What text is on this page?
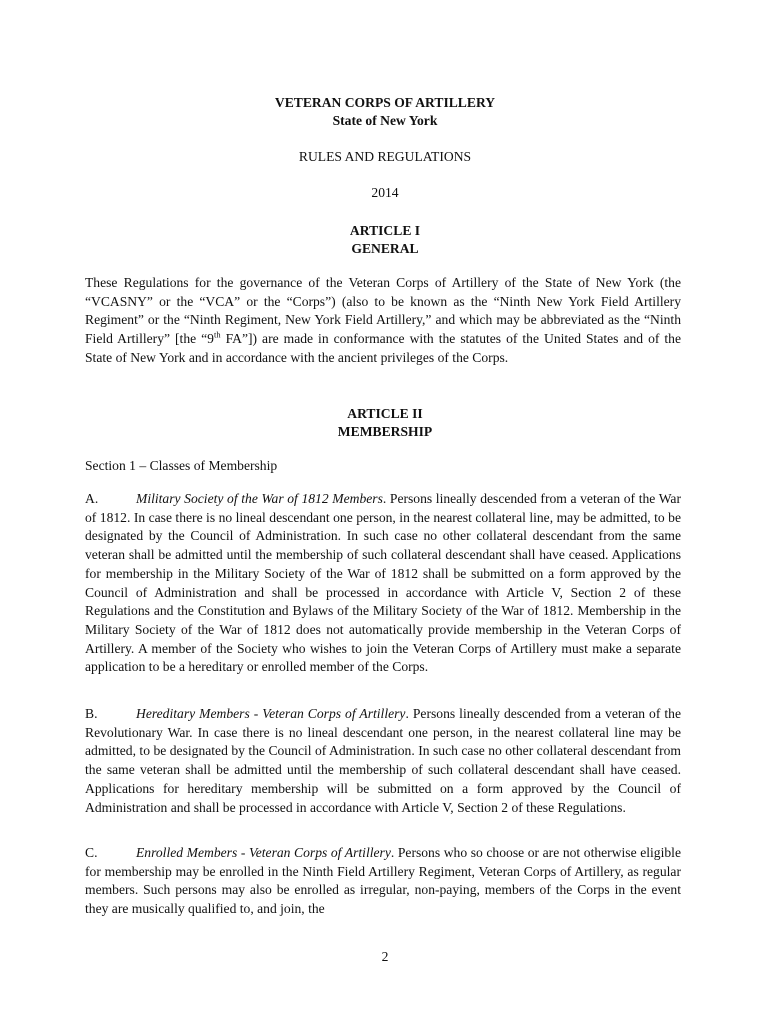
VETERAN CORPS OF ARTILLERY
State of New York
RULES AND REGULATIONS
2014
ARTICLE I
GENERAL
These Regulations for the governance of the Veteran Corps of Artillery of the State of New York (the “VCASNY” or the “VCA” or the “Corps”) (also to be known as the “Ninth New York Field Artillery Regiment” or the “Ninth Regiment, New York Field Artillery,” and which may be abbreviated as the “Ninth Field Artillery” [the “9th FA”]) are made in conformance with the statutes of the United States and of the State of New York and in accordance with the ancient privileges of the Corps.
ARTICLE II
MEMBERSHIP
Section 1 – Classes of Membership
A.	Military Society of the War of 1812 Members. Persons lineally descended from a veteran of the War of 1812. In case there is no lineal descendant one person, in the nearest collateral line, may be admitted, to be designated by the Council of Administration. In such case no other collateral descendant from the same veteran shall be admitted until the membership of such collateral descendant shall have ceased. Applications for membership in the Military Society of the War of 1812 shall be submitted on a form approved by the Council of Administration and shall be processed in accordance with Article V, Section 2 of these Regulations and the Constitution and Bylaws of the Military Society of the War of 1812. Membership in the Military Society of the War of 1812 does not automatically provide membership in the Veteran Corps of Artillery. A member of the Society who wishes to join the Veteran Corps of Artillery must make a separate application to be a hereditary or enrolled member of the Corps.
B.	Hereditary Members - Veteran Corps of Artillery. Persons lineally descended from a veteran of the Revolutionary War. In case there is no lineal descendant one person, in the nearest collateral line may be admitted, to be designated by the Council of Administration. In such case no other collateral descendant from the same veteran shall be admitted until the membership of such collateral descendant shall have ceased. Applications for hereditary membership will be submitted on a form approved by the Council of Administration and shall be processed in accordance with Article V, Section 2 of these Regulations.
C.	Enrolled Members - Veteran Corps of Artillery. Persons who so choose or are not otherwise eligible for membership may be enrolled in the Ninth Field Artillery Regiment, Veteran Corps of Artillery, as regular members. Such persons may also be enrolled as irregular, non-paying, members of the Corps in the event they are musically qualified to, and join, the
2
